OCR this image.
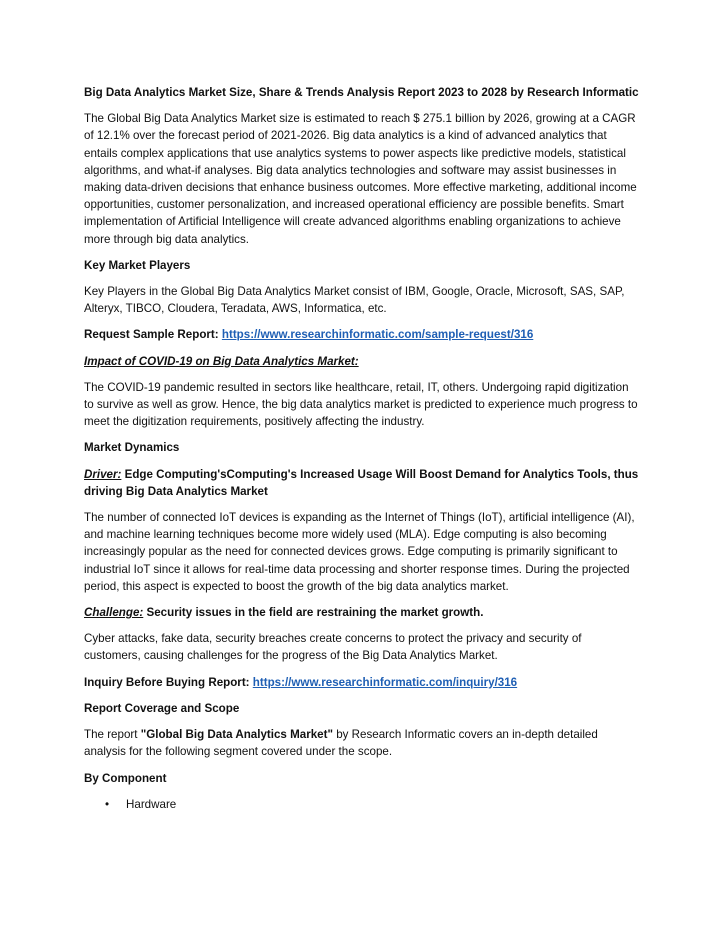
Big Data Analytics Market Size, Share & Trends Analysis Report 2023 to 2028 by Research Informatic

The Global Big Data Analytics Market size is estimated to reach $ 275.1 billion by 2026, growing at a CAGR of 12.1% over the forecast period of 2021-2026. Big data analytics is a kind of advanced analytics that entails complex applications that use analytics systems to power aspects like predictive models, statistical algorithms, and what-if analyses. Big data analytics technologies and software may assist businesses in making data-driven decisions that enhance business outcomes. More effective marketing, additional income opportunities, customer personalization, and increased operational efficiency are possible benefits. Smart implementation of Artificial Intelligence will create advanced algorithms enabling organizations to achieve more through big data analytics.

Key Market Players

Key Players in the Global Big Data Analytics Market consist of IBM, Google, Oracle, Microsoft, SAS, SAP, Alteryx, TIBCO, Cloudera, Teradata, AWS, Informatica, etc.

Request Sample Report: https://www.researchinformatic.com/sample-request/316

Impact of COVID-19 on Big Data Analytics Market:

The COVID-19 pandemic resulted in sectors like healthcare, retail, IT, others. Undergoing rapid digitization to survive as well as grow. Hence, the big data analytics market is predicted to experience much progress to meet the digitization requirements, positively affecting the industry.

Market Dynamics

Driver: Edge Computing'sComputing's Increased Usage Will Boost Demand for Analytics Tools, thus driving Big Data Analytics Market

The number of connected IoT devices is expanding as the Internet of Things (IoT), artificial intelligence (AI), and machine learning techniques become more widely used (MLA). Edge computing is also becoming increasingly popular as the need for connected devices grows. Edge computing is primarily significant to industrial IoT since it allows for real-time data processing and shorter response times. During the projected period, this aspect is expected to boost the growth of the big data analytics market.

Challenge: Security issues in the field are restraining the market growth.

Cyber attacks, fake data, security breaches create concerns to protect the privacy and security of customers, causing challenges for the progress of the Big Data Analytics Market.

Inquiry Before Buying Report: https://www.researchinformatic.com/inquiry/316

Report Coverage and Scope

The report "Global Big Data Analytics Market" by Research Informatic covers an in-depth detailed analysis for the following segment covered under the scope.

By Component

• Hardware
